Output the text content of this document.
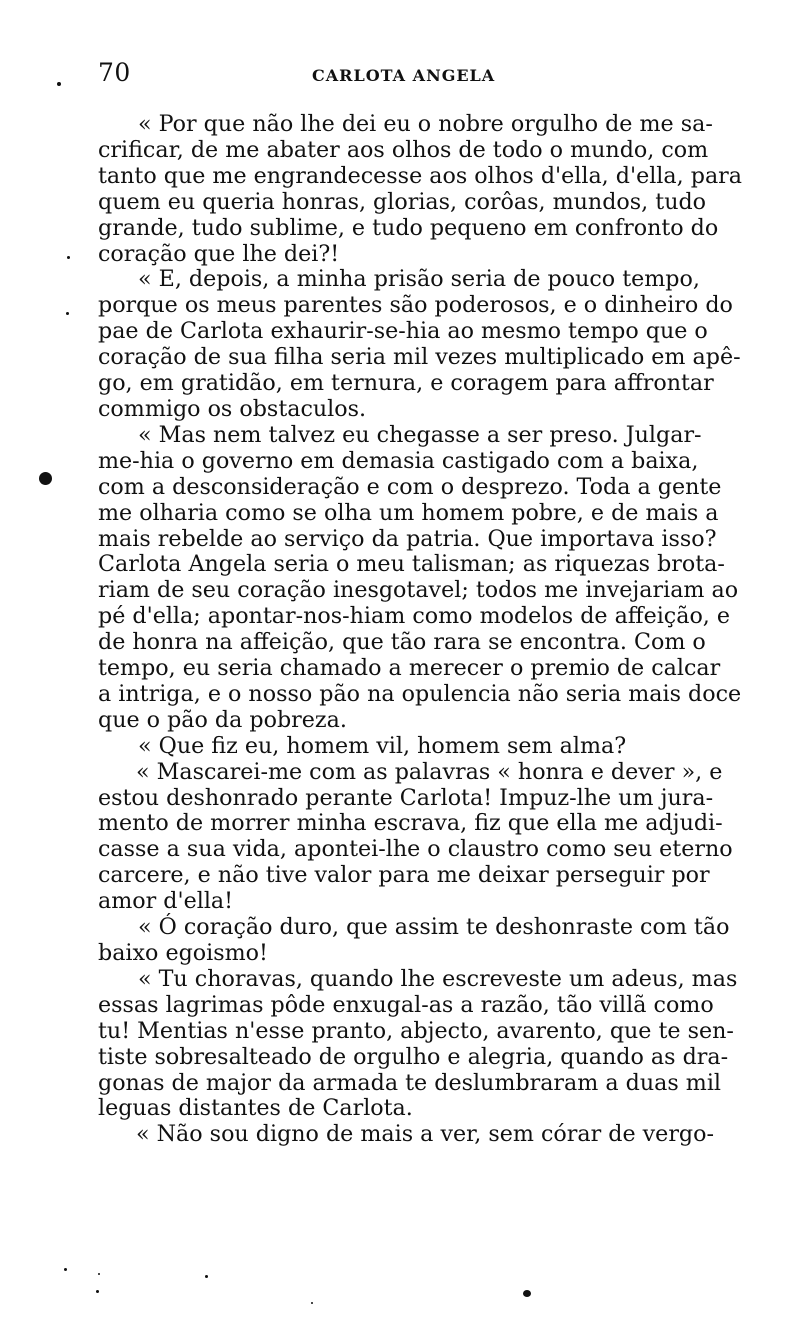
70	CARLOTA ANGELA
« Por que não lhe dei eu o nobre orgulho de me sa-
crificar, de me abater aos olhos de todo o mundo, com
tanto que me engrandecesse aos olhos d'ella, d'ella, para
quem eu queria honras, glorias, corôas, mundos, tudo
grande, tudo sublime, e tudo pequeno em confronto do
coração que lhe dei?!
« E, depois, a minha prisão seria de pouco tempo,
porque os meus parentes são poderosos, e o dinheiro do
pae de Carlota exhaurir-se-hia ao mesmo tempo que o
coração de sua filha seria mil vezes multiplicado em apê-
go, em gratidão, em ternura, e coragem para affrontar
commigo os obstaculos.
« Mas nem talvez eu chegasse a ser preso. Julgar-
me-hia o governo em demasia castigado com a baixa,
com a desconsideração e com o desprezo. Toda a gente
me olharia como se olha um homem pobre, e de mais a
mais rebelde ao serviço da patria. Que importava isso?
Carlota Angela seria o meu talisman; as riquezas brota-
riam de seu coração inesgotavel; todos me invejariam ao
pé d'ella; apontar-nos-hiam como modelos de affeição, e
de honra na affeição, que tão rara se encontra. Com o
tempo, eu seria chamado a merecer o premio de calcar
a intriga, e o nosso pão na opulencia não seria mais doce
que o pão da pobreza.
« Que fiz eu, homem vil, homem sem alma?
« Mascarei-me com as palavras « honra e dever », e
estou deshonrado perante Carlota! Impuz-lhe um jura-
mento de morrer minha escrava, fiz que ella me adjudi-
casse a sua vida, apontei-lhe o claustro como seu eterno
carcere, e não tive valor para me deixar perseguir por
amor d'ella!
« Ó coração duro, que assim te deshonraste com tão
baixo egoismo!
« Tu choravas, quando lhe escreveste um adeus, mas
essas lagrimas pôde enxugal-as a razão, tão villã como
tu! Mentias n'esse pranto, abjecto, avarento, que te sen-
tiste sobresalteado de orgulho e alegria, quando as dra-
gonas de major da armada te deslumbraram a duas mil
leguas distantes de Carlota.
« Não sou digno de mais a ver, sem córar de vergo-
